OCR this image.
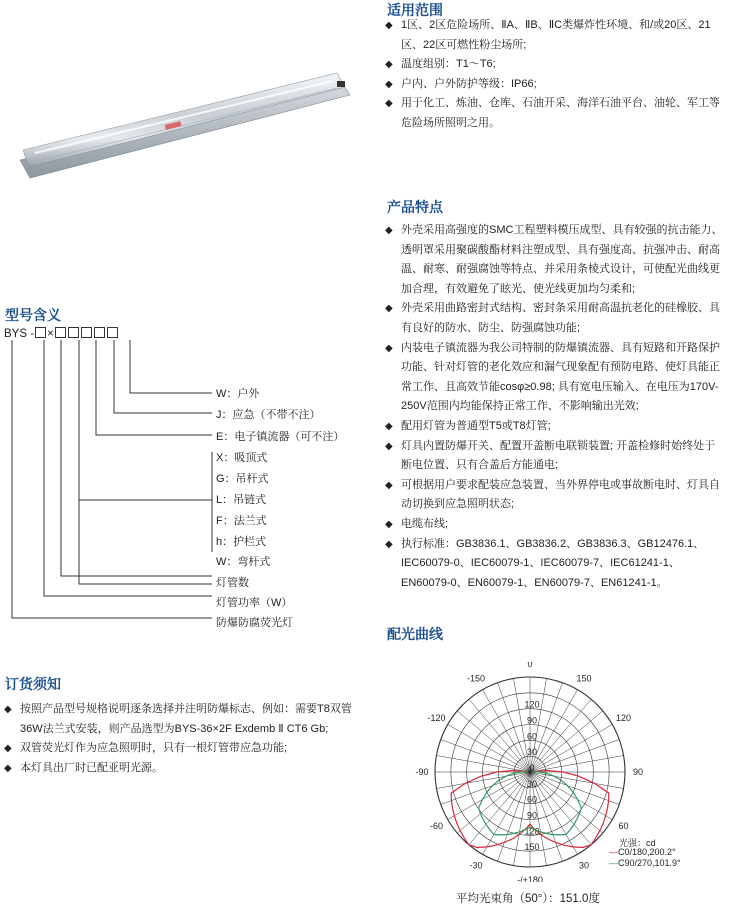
适用范围
◆ 1区、2区危险场所、ⅡA、ⅡB、ⅡC类爆炸性环境、和/或20区、21区、22区可燃性粉尘场所;
◆ 温度组别：T1～T6;
◆ 户内、户外防护等级：IP66;
◆ 用于化工、炼油、仓库、石油开采、海洋石油平台、油轮、军工等危险场所照明之用。
产品特点
◆ 外壳采用高强度的SMC工程塑料模压成型、具有较强的抗击能力、透明罩采用聚碳酸酯材料注塑成型、具有强度高、抗强冲击、耐高温、耐寒、耐强腐蚀等特点、并采用条棱式设计，可使配光曲线更加合理，有效避免了眩光、使光线更加均匀柔和;
◆ 外壳采用曲路密封式结构、密封条采用耐高温抗老化的硅橡胶、具有良好的防水、防尘、防强腐蚀功能;
◆ 内装电子镇流器为我公司特制的防爆镇流器、具有短路和开路保护功能、针对灯管的老化效应和漏气现象配有预防电路、使灯具能正常工作、且高效节能cosφ≥0.98; 具有宽电压输入、在电压为170V-250V范围内均能保持正常工作、不影响输出光效;
◆ 配用灯管为普通型T5或T8灯管;
◆ 灯具内置防爆开关、配置开盖断电联锁装置; 开盖检修时始终处于断电位置、只有合盖后方能通电;
◆ 可根据用户要求配装应急装置、当外界停电或事故断电时、灯具自动切换到应急照明状态;
◆ 电缆布线;
◆ 执行标准：GB3836.1、GB3836.2、GB3836.3、GB12476.1、IEC60079-0、IEC60079-1、IEC60079-7、IEC61241-1、EN60079-0、EN60079-1、EN60079-7、EN61241-1。
型号含义
BYS - ×
W：户外
J：应急（不带不注）
E：电子镇流器（可不注）
X：吸顶式
G：吊杆式
L：吊链式
F：法兰式
h：护栏式
W：弯杆式
灯管数
灯管功率（W）
防爆防腐荧光灯
订货须知
◆ 按照产品型号规格说明逐条选择并注明防爆标志、例如：需要T8双管36W法兰式安装，则产品选型为BYS-36×2F Exdemb Ⅱ CT6 Gb;
◆ 双管荧光灯作为应急照明时，只有一根灯管带应急功能;
◆ 本灯具出厂时已配亚明光源。
配光曲线
-/+180
-150	150
-120	120
-90	90
-60	60
-30	30
0
0
30
60
90
120
150
120
90
60
30
光强：cd
—C0/180,200.2°
—C90/270,101.9°
平均光束角（50°）：151.0度
